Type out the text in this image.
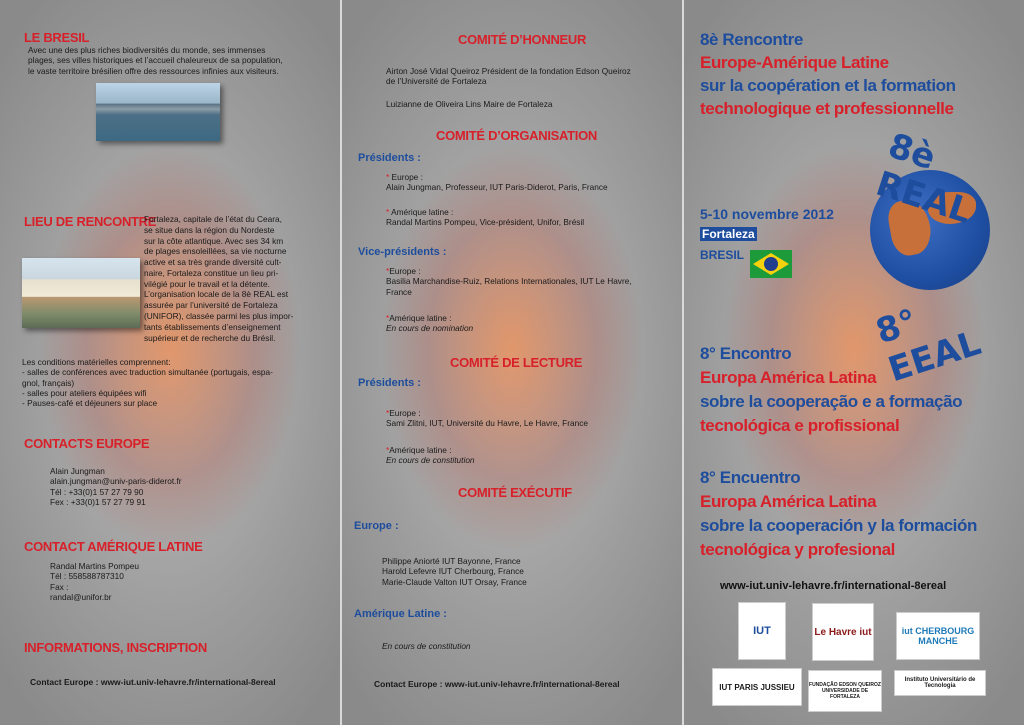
LE BRESIL
Avec une des plus riches biodiversités du monde, ses immenses
plages, ses villes historiques et l’accueil chaleureux de sa population,
le vaste territoire brésilien offre des ressources infinies aux visiteurs.
LIEU DE RENCONTRE
Fortaleza, capitale de l’état du Ceara,
se situe dans la région du Nordeste
sur la côte atlantique. Avec ses 34 km
de plages ensoleillées, sa vie nocturne
active et sa très grande diversité cult-
naire, Fortaleza constitue un lieu pri-
vilégié pour le travail et la détente.
L’organisation locale de la 8è REAL est
assurée par l’université de Fortaleza
(UNIFOR), classée parmi les plus impor-
tants établissements d’enseignement
supérieur et de recherche du Brésil.
Les conditions matérielles comprennent:
- salles de conférences avec traduction simultanée (portugais, espa-
gnol, français)
- salles pour ateliers équipées wifi
- Pauses-café et déjeuners sur place
CONTACTS EUROPE
Alain Jungman
alain.jungman@univ-paris-diderot.fr
Tél : +33(0)1 57 27 79 90
Fex : +33(0)1 57 27 79 91
CONTACT AMÉRIQUE LATINE
Randal Martins Pompeu
Tél : 558588787310
Fax :
randal@unifor.br
INFORMATIONS, INSCRIPTION
Contact Europe : www-iut.univ-lehavre.fr/international-8ereal
COMITÉ D’HONNEUR
Airton José Vidal Queiroz Président de la fondation Edson Queiroz
de l’Université de Fortaleza
Luizianne de Oliveira Lins Maire de Fortaleza
COMITÉ D’ORGANISATION
Présidents :
* Europe :
Alain Jungman, Professeur, IUT Paris-Diderot, Paris, France
* Amérique latine :
Randal Martins Pompeu, Vice-président, Unifor, Brésil
Vice-présidents :
*Europe :
Basilia Marchandise-Ruiz, Relations Internationales, IUT Le Havre,
France
*Amérique latine :
En cours de nomination
COMITÉ DE LECTURE
Présidents :
*Europe :
Sami Zlitni, IUT, Université du Havre, Le Havre, France
*Amérique latine :
En cours de constitution
COMITÉ EXÉCUTIF
Europe :
Philippe Aniorté IUT Bayonne, France
Harold Lefevre IUT Cherbourg, France
Marie-Claude Valton IUT Orsay, France
Amérique Latine :
En cours de constitution
Contact Europe : www-iut.univ-lehavre.fr/international-8ereal
8è Rencontre
Europe-Amérique Latine
sur la coopération et la formation
technologique et professionnelle
5-10 novembre 2012
Fortaleza
BRESIL
8è REAL
8° EEAL
8° Encontro
Europa América Latina
sobre la cooperação e a formação
tecnológica e profissional
8° Encuentro
Europa América Latina
sobre la cooperación y la formación
tecnológica y profesional
www-iut.univ-lehavre.fr/international-8ereal
IUT	Le Havre iut	iut CHERBOURG MANCHE
IUT PARIS JUSSIEU	FUNDAÇÃO EDSON QUEIROZ UNIVERSIDADE DE FORTALEZA
Instituto Universitário de Tecnologia
